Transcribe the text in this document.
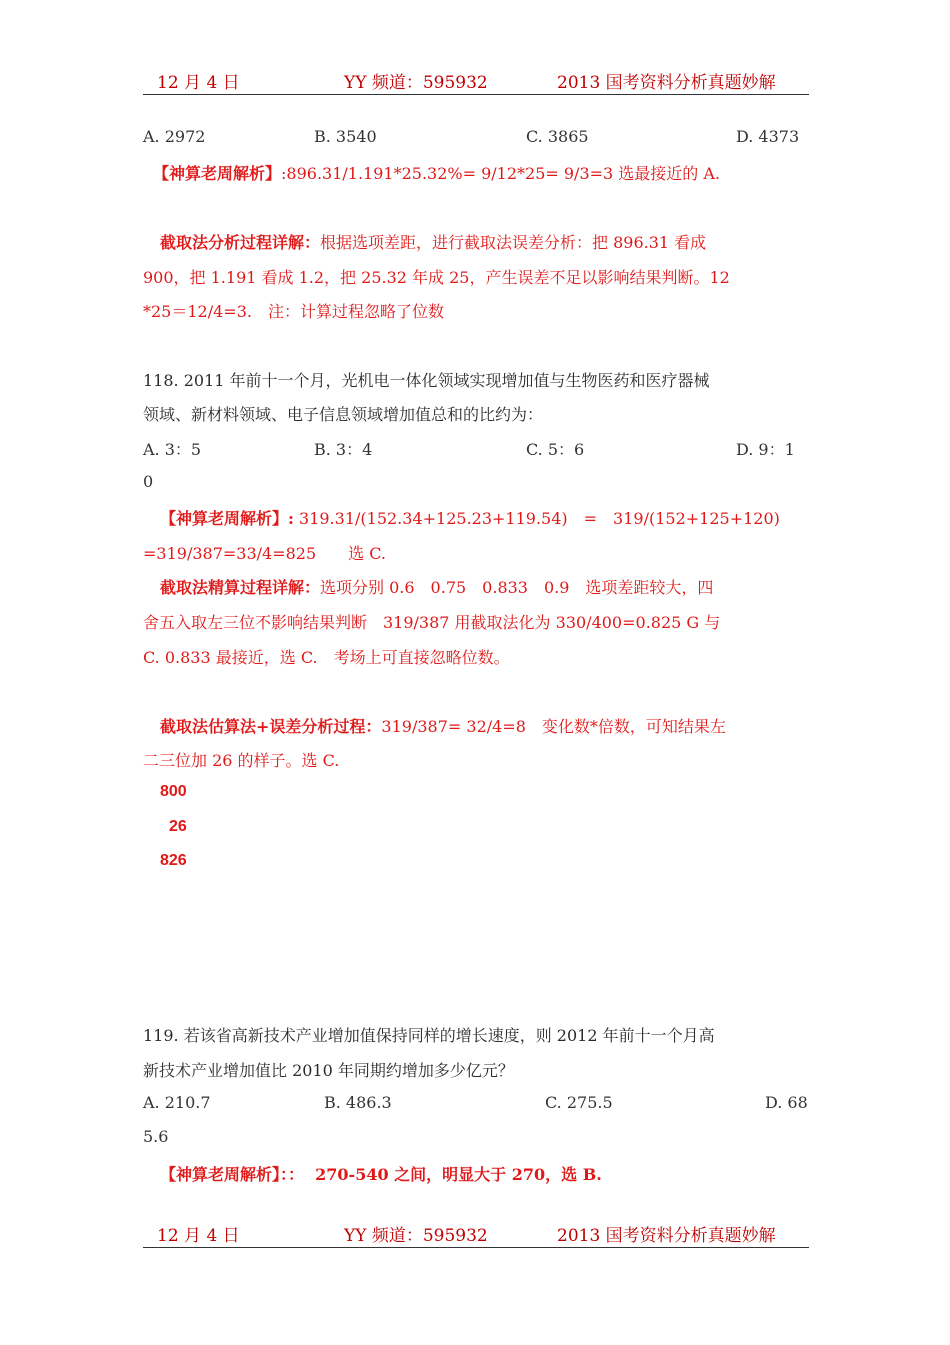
12 月 4 日	YY 频道：595932	2013 国考资料分析真题妙解
A. 2972	B. 3540	C. 3865	D. 4373
【神算老周解析】:896.31/1.191*25.32%= 9/12*25= 9/3=3 选最接近的 A.
截取法分析过程详解：根据选项差距，进行截取法误差分析：把 896.31 看成
900，把 1.191 看成 1.2，把 25.32 年成 25，产生误差不足以影响结果判断。12
*25＝12/4=3.　注：计算过程忽略了位数
118. 2011 年前十一个月，光机电一体化领域实现增加值与生物医药和医疗器械
领域、新材料领域、电子信息领域增加值总和的比约为：
A. 3：5	B. 3：4	C. 5：6	D. 9：1
0
【神算老周解析】: 319.31/(152.34+125.23+119.54)　=　319/(152+125+120)
=319/387=33/4=825　　选 C.
截取法精算过程详解：选项分别 0.6　0.75　0.833　0.9　选项差距较大，四
舍五入取左三位不影响结果判断　319/387 用截取法化为 330/400=0.825 G 与
C. 0.833 最接近，选 C.　考场上可直接忽略位数。
截取法估算法+误差分析过程：319/387= 32/4=8　变化数*倍数，可知结果左
二三位加 26 的样子。选 C.
800
26
826
119. 若该省高新技术产业增加值保持同样的增长速度，则 2012 年前十一个月高
新技术产业增加值比 2010 年同期约增加多少亿元？
A. 210.7	B. 486.3	C. 275.5	D. 68
5.6
【神算老周解析】：： 270-540 之间，明显大于 270，选 B.
12 月 4 日	YY 频道：595932	2013 国考资料分析真题妙解
